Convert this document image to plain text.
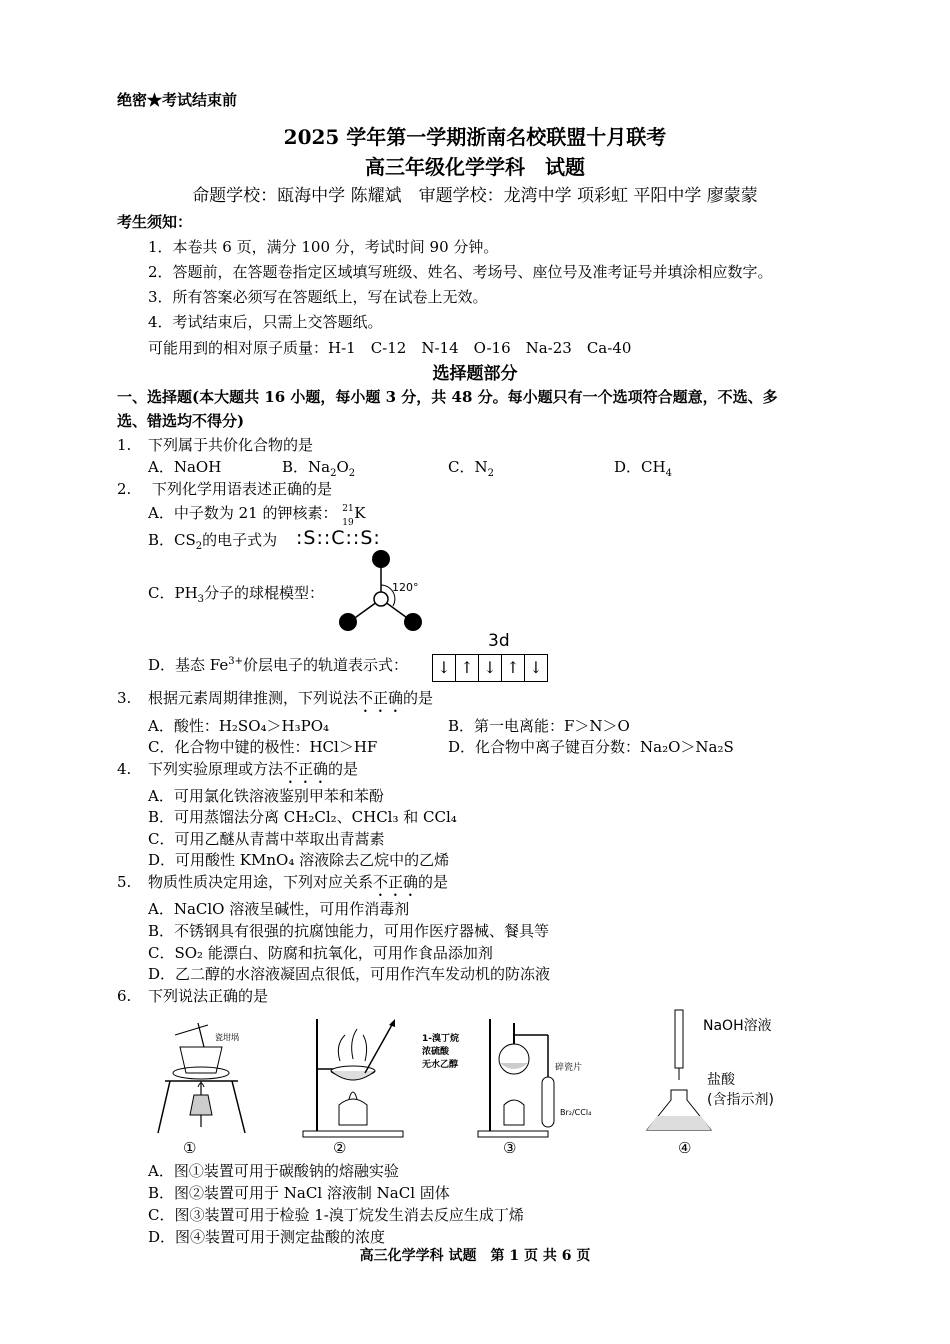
绝密★考试结束前
2025 学年第一学期浙南名校联盟十月联考
高三年级化学学科　试题
命题学校：瓯海中学 陈耀斌　审题学校：龙湾中学 项彩虹 平阳中学 廖蒙蒙
考生须知：
1．本卷共 6 页，满分 100 分，考试时间 90 分钟。
2．答题前，在答题卷指定区域填写班级、姓名、考场号、座位号及准考证号并填涂相应数字。
3．所有答案必须写在答题纸上，写在试卷上无效。
4．考试结束后，只需上交答题纸。
可能用到的相对原子质量：H-1　C-12　N-14　O-16　Na-23　Ca-40
选择题部分
一、选择题(本大题共 16 小题，每小题 3 分，共 48 分。每小题只有一个选项符合题意，不选、多
选、错选均不得分)
1. 下列属于共价化合物的是
A．NaOH	B．$Na_2O_2$	C．$N_2$	D．$CH_4$
2. 下列化学用语表述正确的是
A．中子数为 21 的钾核素： 21
19
K
B．$CS_2$的电子式为 :S::C::S:
C．$PH_3$分子的球棍模型：	120°
D．基态 $Fe^{3+}$价层电子的轨道表示式：
3d
↓ ↑ ↓ ↑ ↓
3. 根据元素周期律推测，下列说法不正确的是
A．酸性：H₂SO₄＞H₃PO₄	B．第一电离能：F＞N＞O
C．化合物中键的极性：HCl＞HF	D．化合物中离子键百分数：Na₂O＞Na₂S
4. 下列实验原理或方法不正确的是
A．可用氯化铁溶液鉴别甲苯和苯酚
B．可用蒸馏法分离 CH₂Cl₂、CHCl₃ 和 CCl₄
C．可用乙醚从青蒿中萃取出青蒿素
D．可用酸性 KMnO₄ 溶液除去乙烷中的乙烯
5. 物质性质决定用途，下列对应关系不正确的是
A．NaClO 溶液呈碱性，可用作消毒剂
B．不锈钢具有很强的抗腐蚀能力，可用作医疗器械、餐具等
C．SO₂ 能漂白、防腐和抗氧化，可用作食品添加剂
D．乙二醇的水溶液凝固点很低，可用作汽车发动机的防冻液
6. 下列说法正确的是
瓷坩埚
①	②
1-溴丁烷
浓硫酸
无水乙醇	碎瓷片
Br₂/CCl₄
③
NaOH溶液
盐酸
(含指示剂)
④
A．图①装置可用于碳酸钠的熔融实验
B．图②装置可用于 NaCl 溶液制 NaCl 固体
C．图③装置可用于检验 1-溴丁烷发生消去反应生成丁烯
D．图④装置可用于测定盐酸的浓度
高三化学学科 试题　第 1 页 共 6 页
